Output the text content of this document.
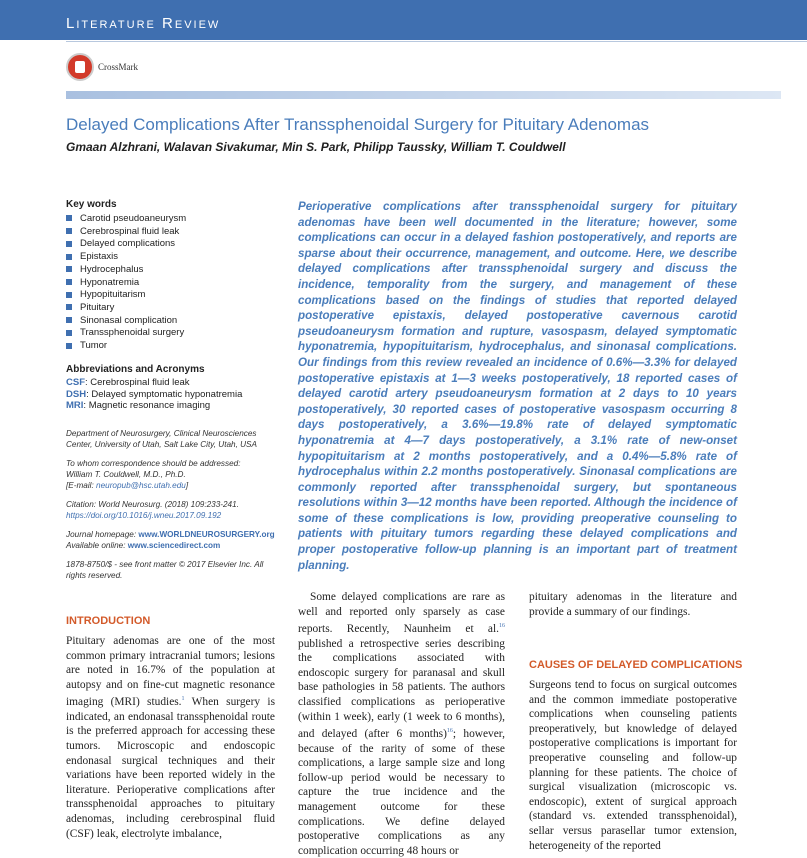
Literature Review
CrossMark
Delayed Complications After Transsphenoidal Surgery for Pituitary Adenomas
Gmaan Alzhrani, Walavan Sivakumar, Min S. Park, Philipp Taussky, William T. Couldwell
Key words
Carotid pseudoaneurysm
Cerebrospinal fluid leak
Delayed complications
Epistaxis
Hydrocephalus
Hyponatremia
Hypopituitarism
Pituitary
Sinonasal complication
Transsphenoidal surgery
Tumor
Abbreviations and Acronyms
CSF: Cerebrospinal fluid leak
DSH: Delayed symptomatic hyponatremia
MRI: Magnetic resonance imaging

Department of Neurosurgery, Clinical Neurosciences Center, University of Utah, Salt Lake City, Utah, USA

To whom correspondence should be addressed:
William T. Couldwell, M.D., Ph.D.
[E-mail: neuropub@hsc.utah.edu]

Citation: World Neurosurg. (2018) 109:233-241.
https://doi.org/10.1016/j.wneu.2017.09.192

Journal homepage: www.WORLDNEUROSURGERY.org
Available online: www.sciencedirect.com

1878-8750/$ - see front matter © 2017 Elsevier Inc. All rights reserved.

Perioperative complications after transsphenoidal surgery for pituitary adenomas have been well documented in the literature; however, some complications can occur in a delayed fashion postoperatively, and reports are sparse about their occurrence, management, and outcome. Here, we describe delayed complications after transsphenoidal surgery and discuss the incidence, temporality from the surgery, and management of these complications based on the findings of studies that reported delayed postoperative epistaxis, delayed postoperative cavernous carotid pseudoaneurysm formation and rupture, vasospasm, delayed symptomatic hyponatremia, hypopituitarism, hydrocephalus, and sinonasal complications. Our findings from this review revealed an incidence of 0.6%—3.3% for delayed postoperative epistaxis at 1—3 weeks postoperatively, 18 reported cases of delayed carotid artery pseudoaneurysm formation at 2 days to 10 years postoperatively, 30 reported cases of postoperative vasospasm occurring 8 days postoperatively, a 3.6%—19.8% rate of delayed symptomatic hyponatremia at 4—7 days postoperatively, a 3.1% rate of new-onset hypopituitarism at 2 months postoperatively, and a 0.4%—5.8% rate of hydrocephalus within 2.2 months postoperatively. Sinonasal complications are commonly reported after transsphenoidal surgery, but spontaneous resolutions within 3—12 months have been reported. Although the incidence of some of these complications is low, providing preoperative counseling to patients with pituitary tumors regarding these delayed complications and proper postoperative follow-up planning is an important part of treatment planning.

INTRODUCTION

Pituitary adenomas are one of the most common primary intracranial tumors; lesions are noted in 16.7% of the population at autopsy and on fine-cut magnetic resonance imaging (MRI) studies.$^1$ When surgery is indicated, an endonasal transsphenoidal route is the preferred approach for accessing these tumors. Microscopic and endoscopic endonasal surgical techniques and their variations have been reported widely in the literature. Perioperative complications after transsphenoidal approaches to pituitary adenomas, including cerebrospinal fluid (CSF) leak, electrolyte imbalance,

Some delayed complications are rare as well and reported only sparsely as case reports. Recently, Naunheim et al.$^{16}$ published a retrospective series describing the complications associated with endoscopic surgery for paranasal and skull base pathologies in 58 patients. The authors classified complications as perioperative (within 1 week), early (1 week to 6 months), and delayed (after 6 months)$^{16}$; however, because of the rarity of some of these complications, a large sample size and long follow-up period would be necessary to capture the true incidence and the management outcome for these complications. We define delayed postoperative complications as any complication occurring 48 hours or

pituitary adenomas in the literature and provide a summary of our findings.

CAUSES OF DELAYED COMPLICATIONS

Surgeons tend to focus on surgical outcomes and the common immediate postoperative complications when counseling patients preoperatively, but knowledge of delayed postoperative complications is important for preoperative counseling and follow-up planning for these patients. The choice of surgical visualization (microscopic vs. endoscopic), extent of surgical approach (standard vs. extended transsphenoidal), sellar versus parasellar tumor extension, heterogeneity of the reported
